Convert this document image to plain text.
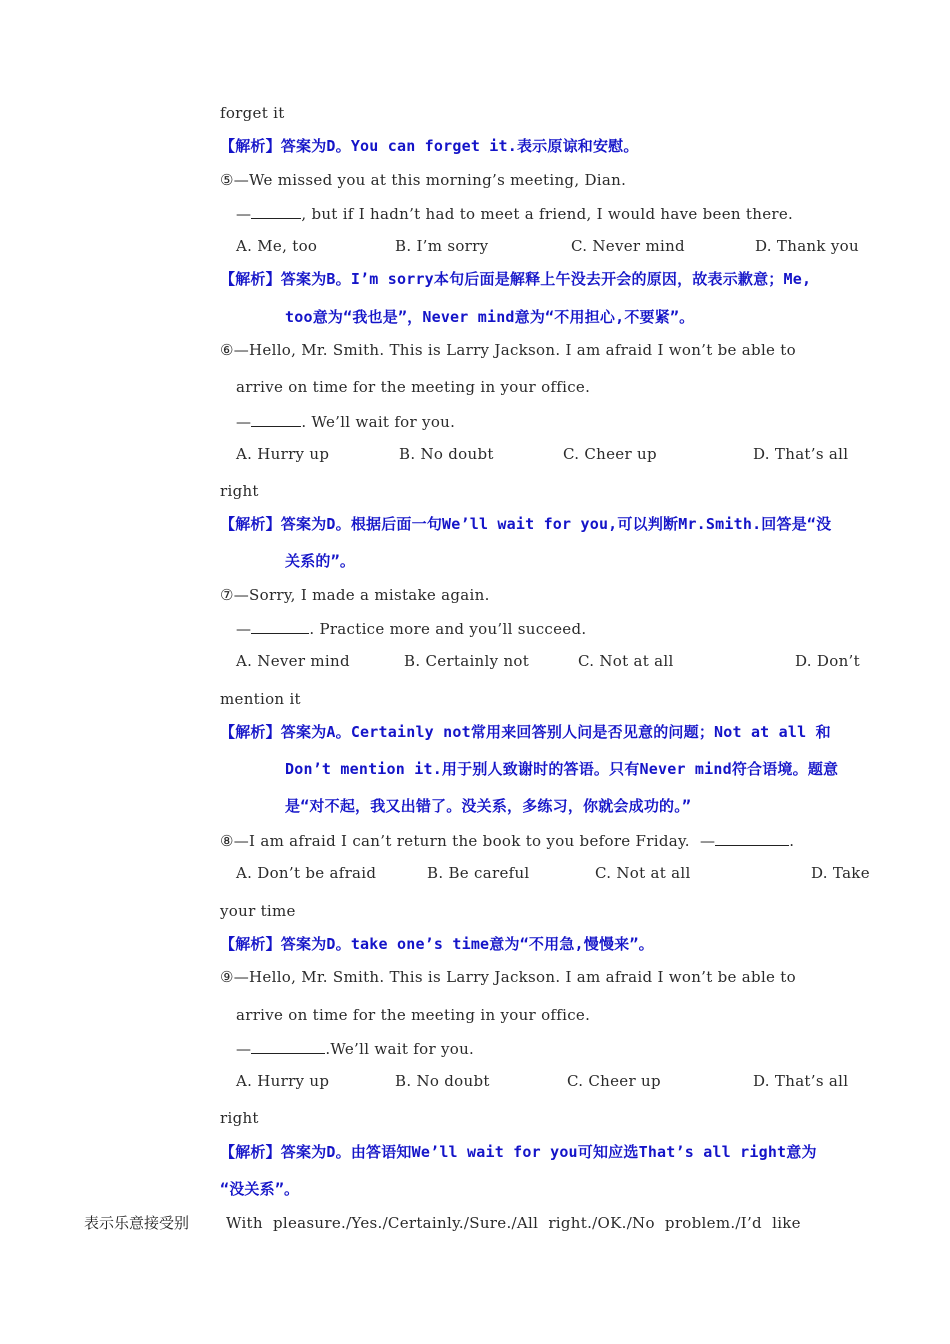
forget it
【解析】答案为D。You can forget it.表示原谅和安慰。
⑤—We missed you at this morning’s meeting, Dian.
—	, but if I hadn’t had to meet a friend, I would have been there.
A. Me, too	B. I’m sorry	C. Never mind	D. Thank you
【解析】答案为B。I’m sorry本句后面是解释上午没去开会的原因，故表示歉意；Me,
too意为“我也是”，Never mind意为“不用担心,不要紧”。
⑥—Hello, Mr. Smith. This is Larry Jackson. I am afraid I won’t be able to
arrive on time for the meeting in your office.
—	. We’ll wait for you.
A. Hurry up	B. No doubt	C. Cheer up	D. That’s all
right
【解析】答案为D。根据后面一句We’ll wait for you,可以判断Mr.Smith.回答是“没
关系的”。
⑦—Sorry, I made a mistake again.
—	. Practice more and you’ll succeed.
A. Never mind	B. Certainly not	C. Not at all	D. Don’t
mention it
【解析】答案为A。Certainly not常用来回答别人问是否见意的问题；Not at all 和
Don’t mention it.用于别人致谢时的答语。只有Never mind符合语境。题意
是“对不起，我又出错了。没关系，多练习，你就会成功的。”
⑧—I am afraid I can’t return the book to you before Friday.  —	.
A. Don’t be afraid	B. Be careful	C. Not at all	D. Take
your time
【解析】答案为D。take one’s time意为“不用急,慢慢来”。
⑨—Hello, Mr. Smith. This is Larry Jackson. I am afraid I won’t be able to
arrive on time for the meeting in your office.
—	.We’ll wait for you.
A. Hurry up	B. No doubt	C. Cheer up	D. That’s all
right
【解析】答案为D。由答语知We’ll wait for you可知应选That’s all right意为
“没关系”。
表示乐意接受别 With  pleasure./Yes./Certainly./Sure./All  right./OK./No  problem./I’d  like
